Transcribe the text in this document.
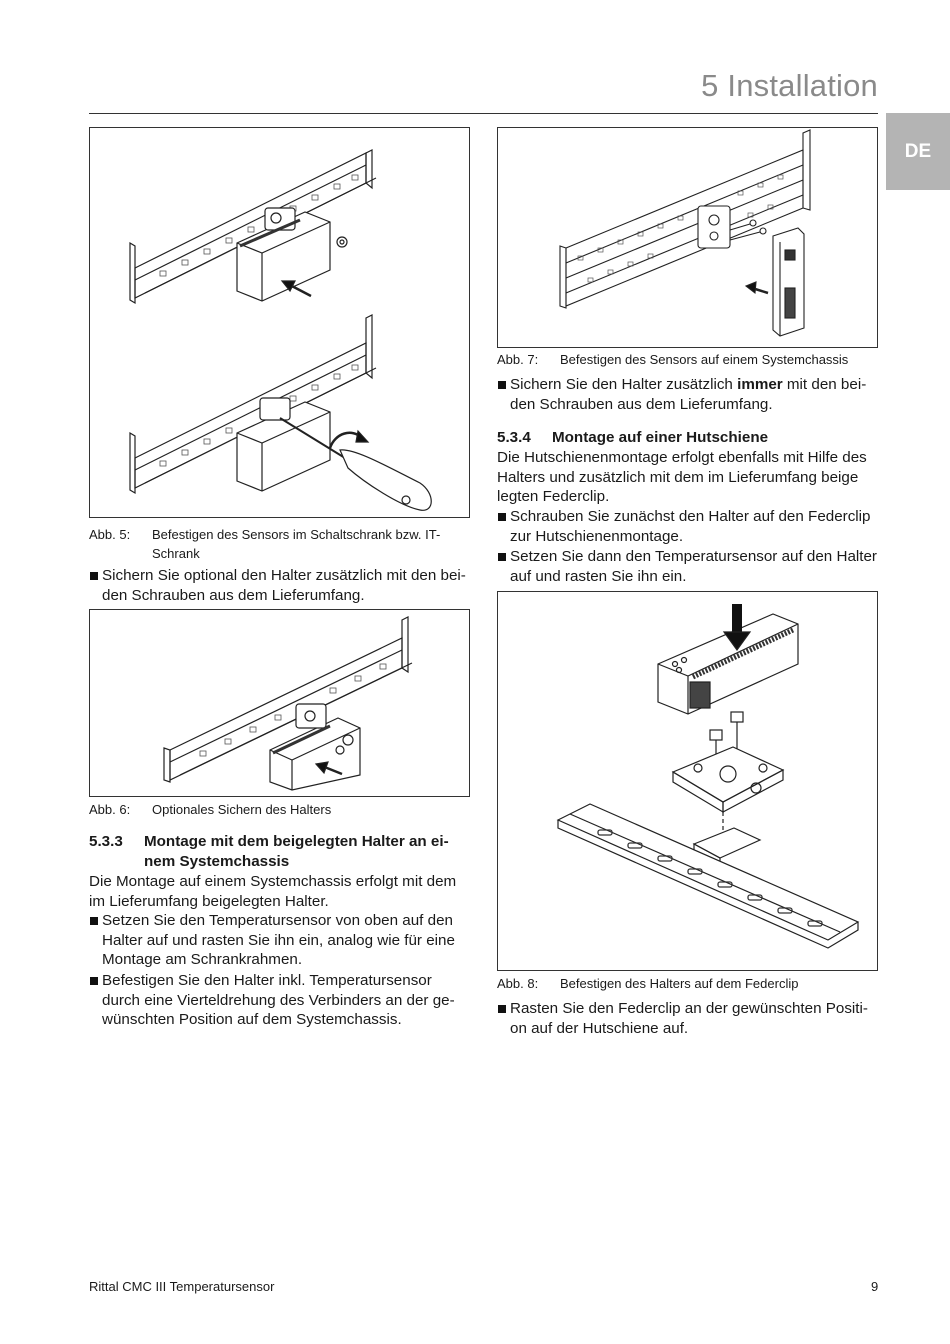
5 Installation
DE
Abb. 5: Befestigen des Sensors im Schaltschrank bzw. IT-
Schrank
Sichern Sie optional den Halter zusätzlich mit den bei-
den Schrauben aus dem Lieferumfang.
Abb. 6: Optionales Sichern des Halters
5.3.3 Montage mit dem beigelegten Halter an ei-
nem Systemchassis
Die Montage auf einem Systemchassis erfolgt mit dem
im Lieferumfang beigelegten Halter.
Setzen Sie den Temperatursensor von oben auf den
Halter auf und rasten Sie ihn ein, analog wie für eine
Montage am Schrankrahmen.
Befestigen Sie den Halter inkl. Temperatursensor
durch eine Vierteldrehung des Verbinders an der ge-
wünschten Position auf dem Systemchassis.
Abb. 7: Befestigen des Sensors auf einem Systemchassis
Sichern Sie den Halter zusätzlich immer mit den bei-
den Schrauben aus dem Lieferumfang.
5.3.4 Montage auf einer Hutschiene
Die Hutschienenmontage erfolgt ebenfalls mit Hilfe des
Halters und zusätzlich mit dem im Lieferumfang beige
legten Federclip.
Schrauben Sie zunächst den Halter auf den Federclip
zur Hutschienenmontage.
Setzen Sie dann den Temperatursensor auf den Halter
auf und rasten Sie ihn ein.
Abb. 8: Befestigen des Halters auf dem Federclip
Rasten Sie den Federclip an der gewünschten Positi-
on auf der Hutschiene auf.
Rittal CMC III Temperatursensor	9
